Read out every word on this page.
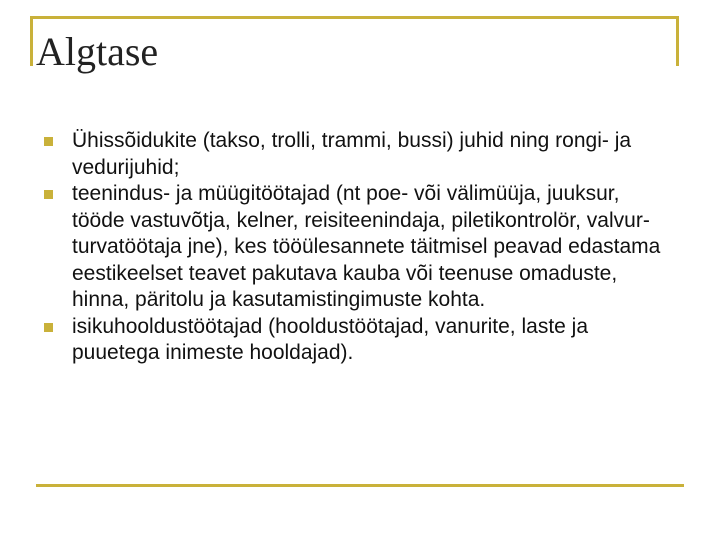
Algtase
Ühissõidukite (takso, trolli, trammi, bussi) juhid ning rongi- ja vedurijuhid;
teenindus- ja müügitöötajad (nt poe- või välimüüja, juuksur, tööde vastuvõtja, kelner, reisiteenindaja, piletikontrolör, valvur-turvatöötaja jne), kes tööülesannete täitmisel peavad edastama eestikeelset teavet pakutava kauba või teenuse omaduste, hinna, päritolu ja kasutamistingimuste kohta.
isikuhooldustöötajad (hooldustöötajad, vanurite, laste ja puuetega inimeste hooldajad).
